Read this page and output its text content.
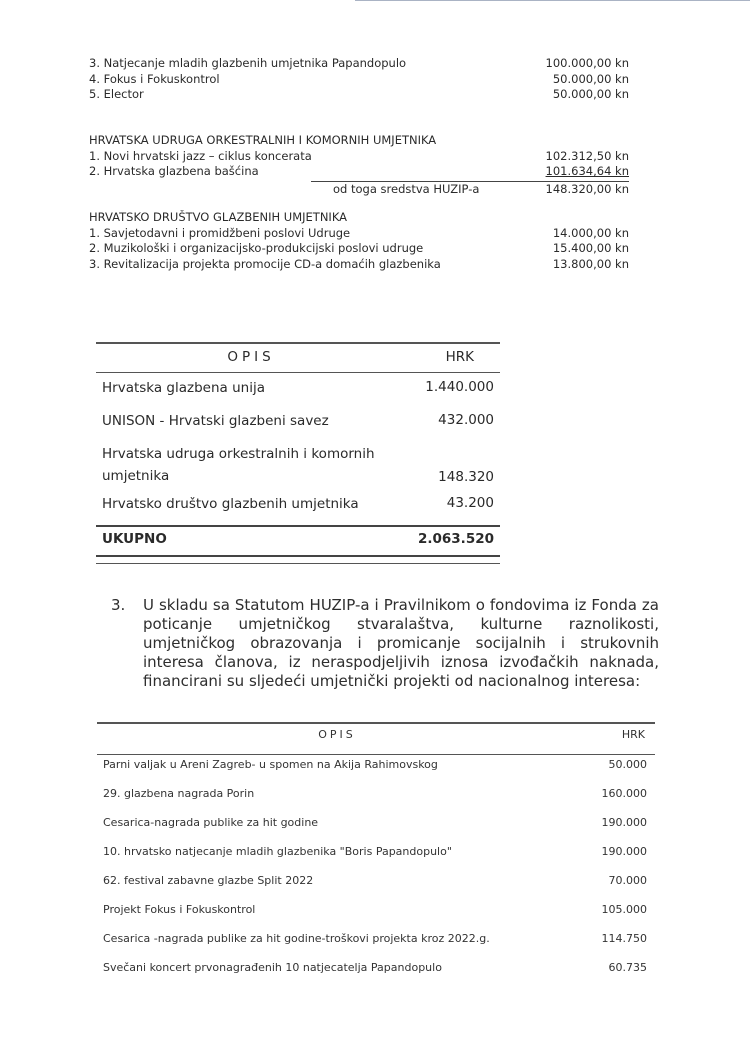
3. Natjecanje mladih glazbenih umjetnika Papandopulo	100.000,00 kn
4. Fokus i Fokuskontrol	50.000,00 kn
5. Elector	50.000,00 kn
HRVATSKA UDRUGA ORKESTRALNIH I KOMORNIH UMJETNIKA
1. Novi hrvatski jazz – ciklus koncerata	102.312,50 kn
2. Hrvatska glazbena bašćina	101.634,64 kn
od toga sredstva HUZIP-a	148.320,00 kn
HRVATSKO DRUŠTVO GLAZBENIH UMJETNIKA
1. Savjetodavni i promidžbeni poslovi Udruge	14.000,00 kn
2. Muzikološki i organizacijsko-produkcijski poslovi udruge	15.400,00 kn
3. Revitalizacija projekta promocije CD-a domaćih glazbenika	13.800,00 kn
OPIS	HRK
Hrvatska glazbena unija	1.440.000
UNISON - Hrvatski glazbeni savez	432.000
Hrvatska udruga orkestralnih i komornih umjetnika	148.320
Hrvatsko društvo glazbenih umjetnika	43.200
UKUPNO	2.063.520
3. U skladu sa Statutom HUZIP-a i Pravilnikom o fondovima iz Fonda za poticanje umjetničkog stvaralaštva, kulturne raznolikosti, umjetničkog obrazovanja i promicanje socijalnih i strukovnih interesa članova, iz neraspodjeljivih iznosa izvođačkih naknada, financirani su sljedeći umjetnički projekti od nacionalnog interesa:
OPIS	HRK
Parni valjak u Areni Zagreb- u spomen na Akija Rahimovskog	50.000
29. glazbena nagrada Porin	160.000
Cesarica-nagrada publike za hit godine	190.000
10. hrvatsko natjecanje mladih glazbenika "Boris Papandopulo"	190.000
62. festival zabavne glazbe Split 2022	70.000
Projekt Fokus i Fokuskontrol	105.000
Cesarica -nagrada publike za hit godine-troškovi projekta kroz 2022.g.	114.750
Svečani koncert prvonagrađenih 10 natjecatelja Papandopulo	60.735
